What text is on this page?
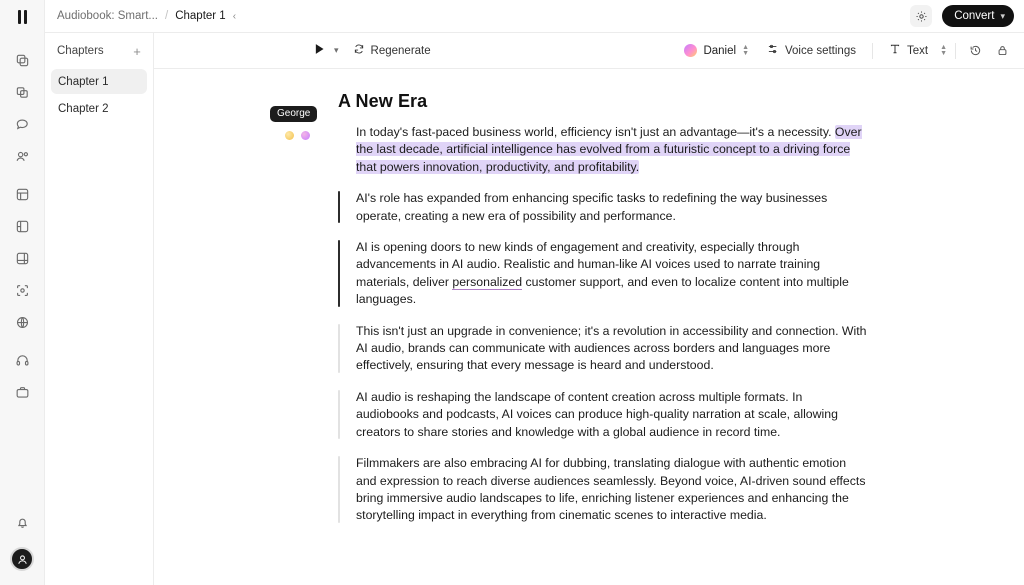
Audiobook: Smart... / Chapter 1 ‹	Convert ▾
Chapters	+
Chapter 1
Chapter 2
▾	Regenerate	Daniel ▲
▼	Voice settings	Text ▲
▼
A New Era
George
In today's fast-paced business world, efficiency isn't just an advantage—it's a necessity. Over the last decade, artificial intelligence has evolved from a futuristic concept to a driving force that powers innovation, productivity, and profitability.
AI's role has expanded from enhancing specific tasks to redefining the way businesses operate, creating a new era of possibility and performance.
AI is opening doors to new kinds of engagement and creativity, especially through advancements in AI audio. Realistic and human-like AI voices used to narrate training materials, deliver personalized customer support, and even to localize content into multiple languages.
This isn't just an upgrade in convenience; it's a revolution in accessibility and connection. With AI audio, brands can communicate with audiences across borders and languages more effectively, ensuring that every message is heard and understood.
AI audio is reshaping the landscape of content creation across multiple formats. In audiobooks and podcasts, AI voices can produce high-quality narration at scale, allowing creators to share stories and knowledge with a global audience in record time.
Filmmakers are also embracing AI for dubbing, translating dialogue with authentic emotion and expression to reach diverse audiences seamlessly. Beyond voice, AI-driven sound effects bring immersive audio landscapes to life, enriching listener experiences and enhancing the storytelling impact in everything from cinematic scenes to interactive media.
